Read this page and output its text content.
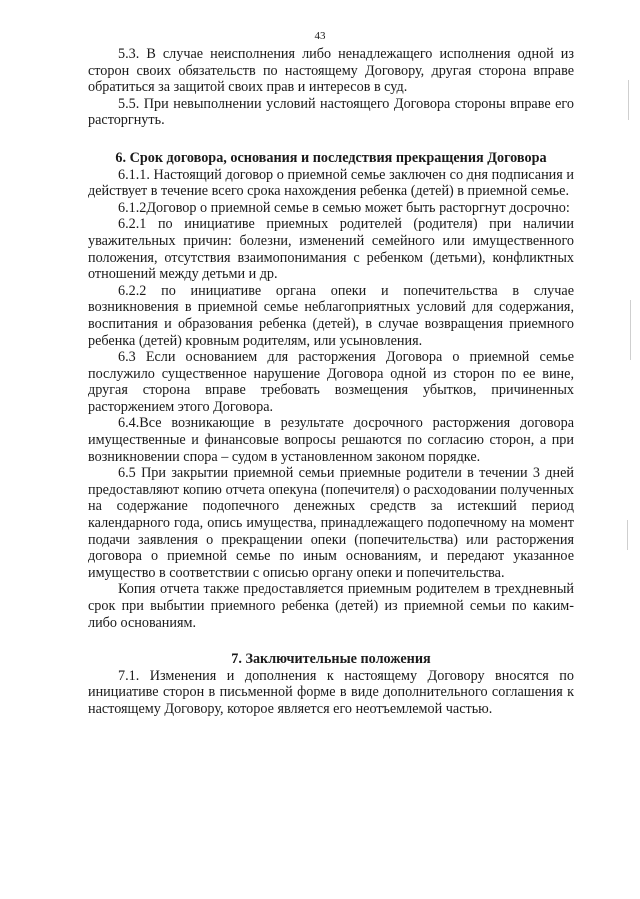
43

5.3. В случае неисполнения либо ненадлежащего исполнения одной из сторон своих обязательств по настоящему Договору, другая сторона вправе обратиться за защитой своих прав и интересов в суд.

5.5. При невыполнении условий настоящего Договора стороны вправе его расторгнуть.

6. Срок договора, основания и последствия прекращения Договора

6.1.1. Настоящий договор о приемной семье заключен со дня подписания и действует в течение всего срока нахождения ребенка (детей) в приемной семье.

6.1.2Договор о приемной семье в семью может быть расторгнут досрочно:

6.2.1 по инициативе приемных родителей (родителя) при наличии уважительных причин: болезни, изменений семейного или имущественного положения, отсутствия взаимопонимания с ребенком (детьми), конфликтных отношений между детьми и др.

6.2.2 по инициативе органа опеки и попечительства в случае возникновения в приемной семье неблагоприятных условий для содержания, воспитания и образования ребенка (детей), в случае возвращения приемного ребенка (детей) кровным родителям, или усыновления.

6.3 Если основанием для расторжения Договора о приемной семье послужило существенное нарушение Договора одной из сторон по ее вине, другая сторона вправе требовать возмещения убытков, причиненных расторжением этого Договора.

6.4.Все возникающие в результате досрочного расторжения договора имущественные и финансовые вопросы решаются по согласию сторон, а при возникновении спора – судом в установленном законом порядке.

6.5 При закрытии приемной семьи приемные родители в течении 3 дней предоставляют копию отчета опекуна (попечителя) о расходовании полученных на содержание подопечного денежных средств за истекший период календарного года, опись имущества, принадлежащего подопечному на момент подачи заявления о прекращении опеки (попечительства) или расторжения договора о приемной семье по иным основаниям, и передают указанное имущество в соответствии с описью органу опеки и попечительства.

Копия отчета также предоставляется приемным родителем в трехдневный срок при выбытии приемного ребенка (детей) из приемной семьи по каким-либо основаниям.

7. Заключительные положения

7.1. Изменения и дополнения к настоящему Договору вносятся по инициативе сторон в письменной форме в виде дополнительного соглашения к настоящему Договору, которое является его неотъемлемой частью.
